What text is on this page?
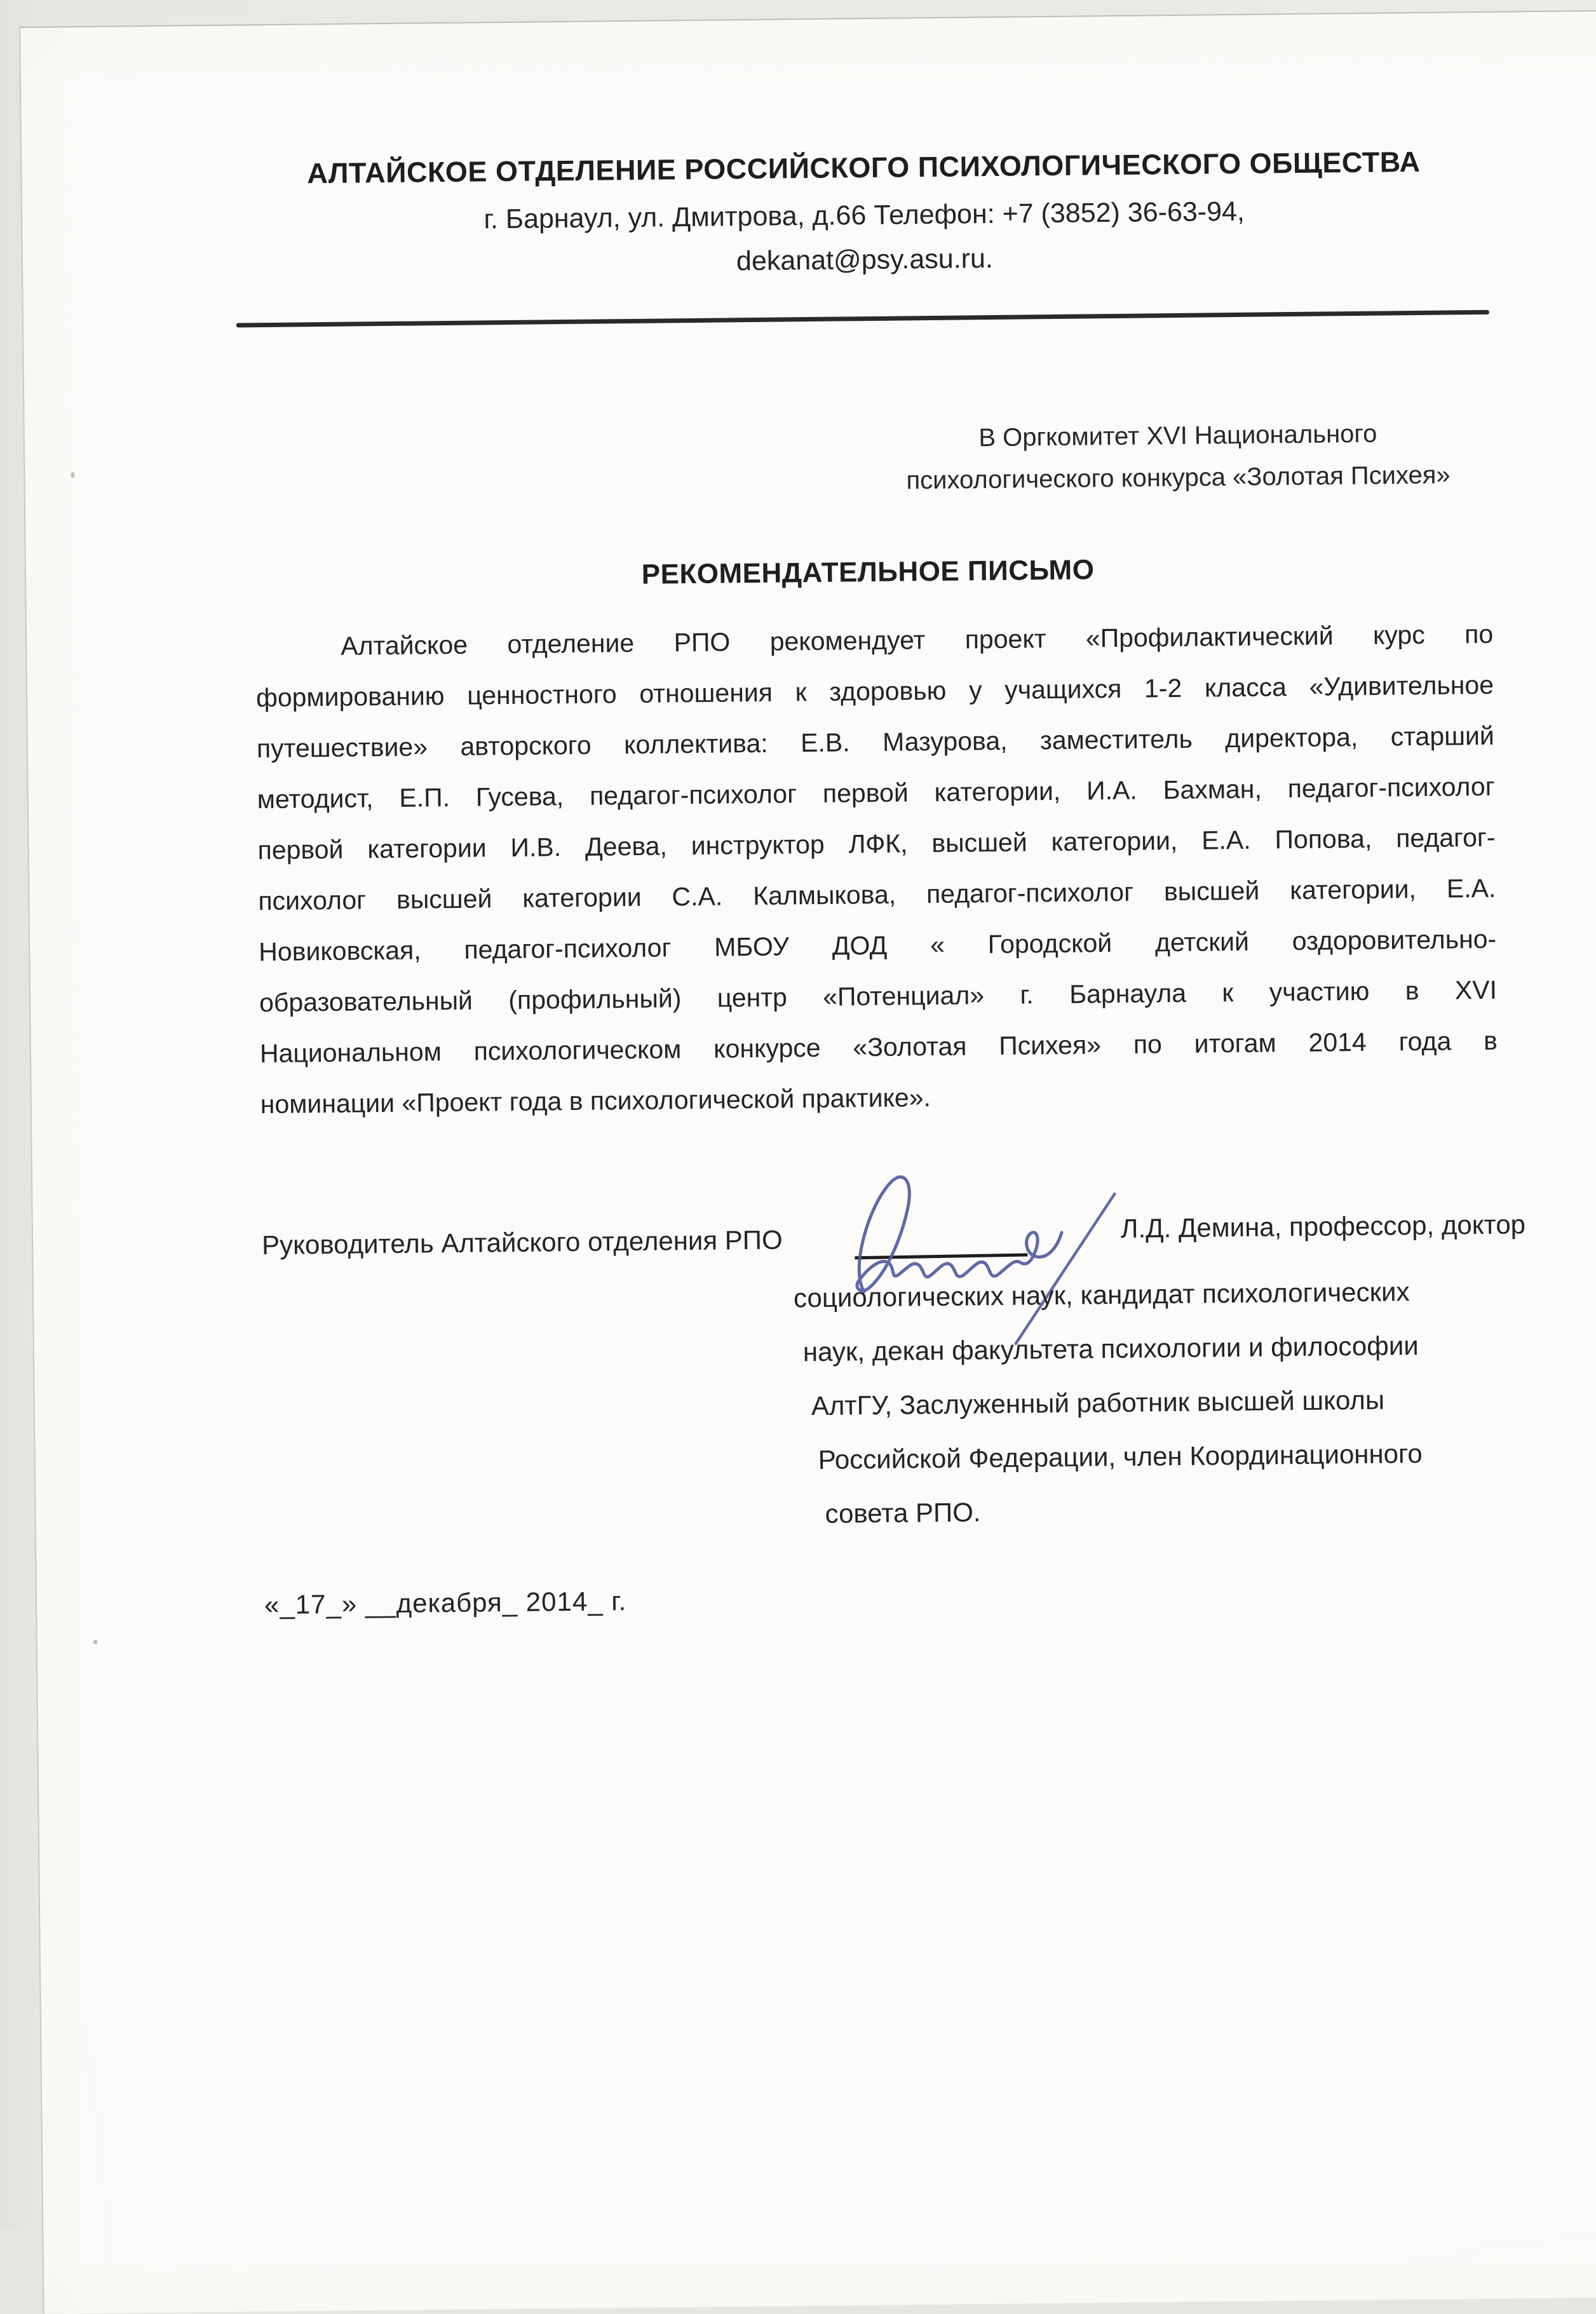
АЛТАЙСКОЕ ОТДЕЛЕНИЕ РОССИЙСКОГО ПСИХОЛОГИЧЕСКОГО ОБЩЕСТВА
г. Барнаул, ул. Дмитрова, д.66 Телефон: +7 (3852) 36-63-94,
dekanat@psy.asu.ru.
В Оргкомитет XVI Национального
психологического конкурса «Золотая Психея»
РЕКОМЕНДАТЕЛЬНОЕ ПИСЬМО
Алтайское отделение РПО рекомендует проект «Профилактический курс по
формированию ценностного отношения к здоровью у учащихся 1-2 класса «Удивительное
путешествие» авторского коллектива: Е.В. Мазурова, заместитель директора, старший
методист, Е.П. Гусева, педагог-психолог первой категории, И.А. Бахман, педагог-психолог
первой категории И.В. Деева, инструктор ЛФК, высшей категории, Е.А. Попова, педагог-
психолог высшей категории С.А. Калмыкова, педагог-психолог высшей категории, Е.А.
Новиковская, педагог-психолог МБОУ ДОД « Городской детский оздоровительно-
образовательный (профильный) центр «Потенциал» г. Барнаула к участию в XVI
Национальном психологическом конкурсе «Золотая Психея» по итогам 2014 года в
номинации «Проект года в психологической практике».
Руководитель Алтайского отделения РПО	Л.Д. Демина, профессор, доктор
социологических наук, кандидат психологических
наук, декан факультета психологии и философии
АлтГУ, Заслуженный работник высшей школы
Российской Федерации, член Координационного
совета РПО.
«_17_» __декабря_ 2014_ г.
